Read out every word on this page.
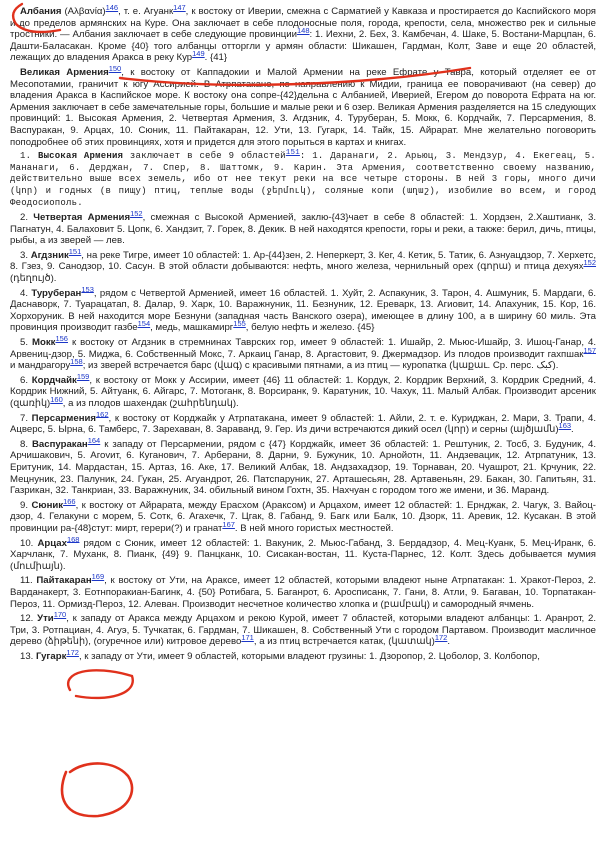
Албания $(A\lambda\beta\alpha\nu ί\alpha)^{146}$, т. е. Агуанк$^{147}$, к востоку от Иверии, смежна с Сарматией у Кавказа и простирается до Каспийского моря и до пределов армянских на Куре. Она заключает в себе плодоносные поля, города, крепости, села, множество рек и сильные тростники. — Албания заключает в себе следующие провинции$^{148}$: 1. Иехни, 2. Бех, 3. Камбечан, 4. Шаке, 5. Востани-Марцпан, 6. Дашти-Баласакан. Кроме {40} того албанцы отторгли у армян области: Шикашен, Гардман, Колт, Заве и еще 20 областей, лежащих до владения Аракса в реку Кур$^{149}$. {41}

Великая Армения$^{150}$, к востоку от Каппадокии и Малой Армении на реке Ефрате у Тавра, который отделяет ее от Месопотамии, граничит к югу Ассирией. В Атрпатакане, по направлению к Мидии, граница ее поворачивают (на север) до владения Аракса в Каспийское море. К востоку она сопре-{42}дельна с Албанией, Иверией, Егером до поворота Ефрата на юг. Армения заключает в себе замечательные горы, большие и малые реки и 6 озер. Великая Армения разделяется на 15 следующих провинций: 1. Высокая Армения, 2. Четвертая Армения, 3. Агдзник, 4. Туруберан, 5. Мокк, 6. Кордчайк, 7. Персармения, 8. Васпуракан, 9. Арцах, 10. Сюник, 11. Пайтакаран, 12. Ути, 13. Гугарк, 14. Тайк, 15. Айрарат. Мне желательно поговорить поподробнее об этих провинциях, хотя и придется для этого порыться в картах и книгах.

1. Высокая Армения заключает в себе 9 областей$^{151}$: 1. Даранаги, 2. Арьюц, 3. Мендзур, 4. Екегеац, 5. Мананаги, 6. Дерджан, 7. Спер, 8. Шаттомк, 9. Карин. Эта Армения, соответственно своему названию, действительно выше всех земель, ибо от нее текут реки на все четыре стороны. В ней 3 горы, много дичи (կոր) и годных (в пищу) птиц, теплые воды (ջերմուկ), соляные копи (աղաշ), изобилие во всем, и город Феодосиополь.

2. Четвертая Армения$^{152}$, смежная с Высокой Арменией, заклю-{43}чает в себе 8 областей: 1. Хордзен, 2.Хаштианк, 3. Пагнатун, 4. Балаховит 5. Цопк, 6. Хандзит, 7. Горек, 8. Декик. В ней находятся крепости, горы и реки, а также: берил, дичь, птицы, рыбы, а из зверей — лев.

3. Агдзник$^{151}$, на реке Тигре, имеет 10 областей: 1. Ар-{44}зен, 2. Неперкерт, 3. Кег, 4. Кетик, 5. Татик, 6. Азнуацдзор, 7. Херхетс, 8. Гзез, 9. Санодзор, 10. Сасун. В этой области добываются: нефть, много железа, чернильный орех (գորա) и птица дехуях$^{152}$ (դեղույծ).

4. Туруберан$^{153}$, рядом с Четвертой Арменией, имеет 16 областей. 1. Хуйт, 2. Аспакуник, 3. Тарон, 4. Ашмуник, 5. Мардаги, 6. Даснаворк, 7. Туарацатап, 8. Далар, 9. Харк, 10. Варажнуник, 11. Безнуник, 12. Ереварк, 13. Агиовит, 14. Апахуник, 15. Кор, 16. Хорхоруник. В ней находится море Безнуни (западная часть Ванского озера), имеющее в длину 100, а в ширину 60 миль. Эта провинция производит газбе$^{154}$, медь, машкамирг$^{155}$, белую нефть и железо. {45}

5. Мокк$^{156}$ к востоку от Агдзник в стремнинах Таврских гор, имеет 9 областей: 1. Ишайр, 2. Мьюс-Ишайр, 3. Ишоц-Ганар, 4. Арвениц-дзор, 5. Миджа, 6. Собственный Мокс, 7. Аркаиц Ганар, 8. Аргастовит, 9. Джермадзор. Из плодов производит гахпшак$^{157}$ и мандрагору$^{158}$; из зверей встречается барс (վագ) с красивыми пятнами, а из птиц — куропатка (կաքաւ. Ср. перс. کبک).

6. Кордчайк$^{159}$, к востоку от Мокк у Ассирии, имеет {46} 11 областей: 1. Кордук, 2. Кордрик Верхний, 3. Кордрик Средний, 4. Кордрик Нижний, 5. Айтуанк, 6. Айгарс, 7. Мотоганк, 8. Ворсиранк, 9. Каратуник, 10. Чахук, 11. Малый Албак. Производит арсеник (զառիկ)$^{160}$, а из плодов шахендак (շահրենդակ).

7. Персармения$^{162}$, к востоку от Корджайк у Атрпатакана, имеет 9 областей: 1. Айли, 2. т. е. Куриджан, 2. Мари, 3. Трапи, 4. Ацверс, 5. Ырна, 6. Тамберс, 7. Зарехаван, 8. Зараванд, 9. Гер. Из дичи встречаются дикий осел (կոր) и серны (այծյամն)$^{163}$.

8. Васпуракан$^{164}$ к западу от Персармении, рядом с {47} Корджайк, имеет 36 областей: 1. Рештуник, 2. Тосб, 3. Будуник, 4. Арчишакович, 5. Агоvит, 6. Куганович, 7. Арберани, 8. Дарни, 9. Бужуник, 10. Арнойотн, 11. Андзевацик, 12. Атрпатуник, 13. Еритуник, 14. Мардастан, 15. Артаз, 16. Аке, 17. Великий Албак, 18. Андзахадзор, 19. Торнаван, 20. Чуашрот, 21. Крчуник, 22. Мецнуник, 23. Палуник, 24. Гукан, 25. Агуандрот, 26. Патспаруник, 27. Арташесьян, 28. Артавеньян, 29. Бакан, 30. Гапитьян, 31. Газрикан, 32. Танкриан, 33. Варажнуник, 34. обильный вином Гохтн, 35. Нахчуан с городом того же имени, и 36. Маранд.

9. Сюник$^{166}$, к востоку от Айрарата, между Ерасхом (Араксом) и Арцахом, имеет 12 областей: 1. Ернджак, 2. Чагук, 3. Вайоц-дзор, 4. Гелакуни с морем, 5. Сотк, 6. Агахечк, 7. Цгак, 8. Габанд, 9. Багк или Балк, 10. Дзорк, 11. Аревик, 12. Кусакан. В этой провинции ра-{48}стут: мирт, герери(?) и гранат$^{167}$. В ней много гористых местностей.

10. Арцах$^{168}$ рядом с Сюник, имеет 12 областей: 1. Вакуник, 2. Мьюс-Габанд, 3. Бердадзор, 4. Мец-Куанк, 5. Мец-Иранк, 6. Харчланк, 7. Муханк, 8. Пианк, {49} 9. Панцканк, 10. Сисакан-востан, 11. Куста-Парнес, 12. Колт. Здесь добывается мумия (մումիայն).

11. Пайтакаран$^{169}$, к востоку от Ути, на Араксе, имеет 12 областей, которыми владеют ныне Атрпатакан: 1. Хракот-Пероз, 2. Варданакерт, 3. Еотнпоракиан-Багинк, 4. {50} Ротибага, 5. Баганрот, 6. Аросписанк, 7. Гани, 8. Атли, 9. Багаван, 10. Торпатакан-Пероз, 11. Ормизд-Пероз, 12. Алеван. Производит несчетное количество хлопка и (բամբակ) и самородный ячмень.

12. Ути$^{170}$, к западу от Аракса между Арцахом и рекою Курой, имеет 7 областей, которыми владеют албанцы: 1. Аранрот, 2. Три, 3. Ротпациан, 4. Агуэ, 5. Тучкатак, 6. Гардман, 7. Шикашен, 8. Собственный Ути с городом Партавом. Производит масличное дерево (ձիթենի), (огуречное или) китровое дерево$^{171}$, а из птиц встречается катак, (կատակ)$^{172}$.

13. Гугарк$^{172}$, к западу от Ути, имеет 9 областей, которыми владеют грузины: 1. Дзоропор, 2. Цоболор, 3. Колбопор,
